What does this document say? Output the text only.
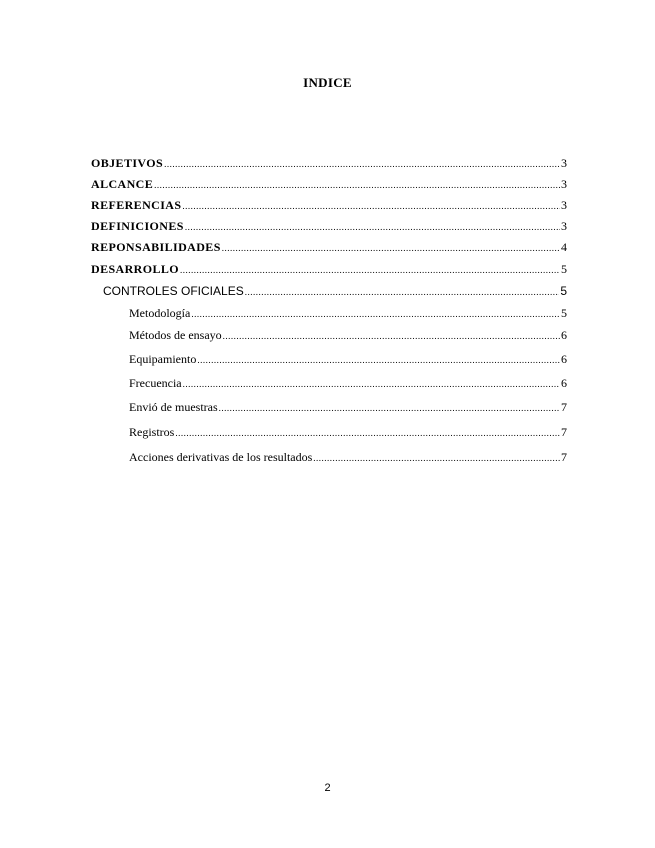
INDICE
OBJETIVOS .....	3
ALCANCE .....	3
REFERENCIAS .....	3
DEFINICIONES .....	3
REPONSABILIDADES .....	4
DESARROLLO .....	5
CONTROLES OFICIALES .....	5
Metodología .....	5
Métodos de ensayo .....	6
Equipamiento .....	6
Frecuencia .....	6
Envió de muestras .....	7
Registros .....	7
Acciones derivativas de los resultados .....	7
2
